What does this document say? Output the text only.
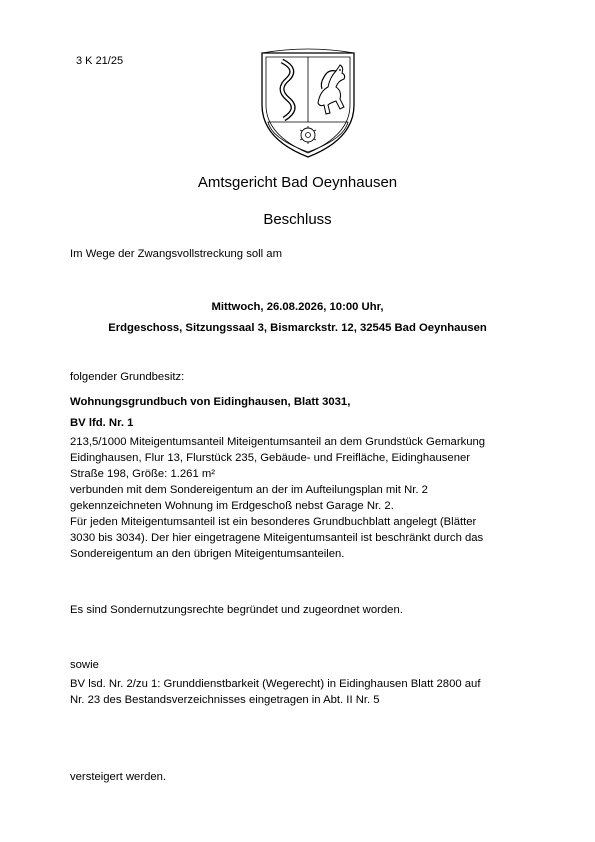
3 K 21/25
Amtsgericht Bad Oeynhausen
Beschluss
Im Wege der Zwangsvollstreckung soll am
Mittwoch, 26.08.2026, 10:00 Uhr,
Erdgeschoss, Sitzungssaal 3, Bismarckstr. 12, 32545 Bad Oeynhausen
folgender Grundbesitz:
Wohnungsgrundbuch von Eidinghausen, Blatt 3031,
BV lfd. Nr. 1
213,5/1000 Miteigentumsanteil Miteigentumsanteil an dem Grundstück Gemarkung
Eidinghausen, Flur 13, Flurstück 235, Gebäude- und Freifläche, Eidinghausener
Straße 198, Größe: 1.261 m²
verbunden mit dem Sondereigentum an der im Aufteilungsplan mit Nr. 2
gekennzeichneten Wohnung im Erdgeschoß nebst Garage Nr. 2.
Für jeden Miteigentumsanteil ist ein besonderes Grundbuchblatt angelegt (Blätter
3030 bis 3034). Der hier eingetragene Miteigentumsanteil ist beschränkt durch das
Sondereigentum an den übrigen Miteigentumsanteilen.
Es sind Sondernutzungsrechte begründet und zugeordnet worden.
sowie
BV lsd. Nr. 2/zu 1: Grunddienstbarkeit (Wegerecht) in Eidinghausen Blatt 2800 auf
Nr. 23 des Bestandsverzeichnisses eingetragen in Abt. II Nr. 5
versteigert werden.
